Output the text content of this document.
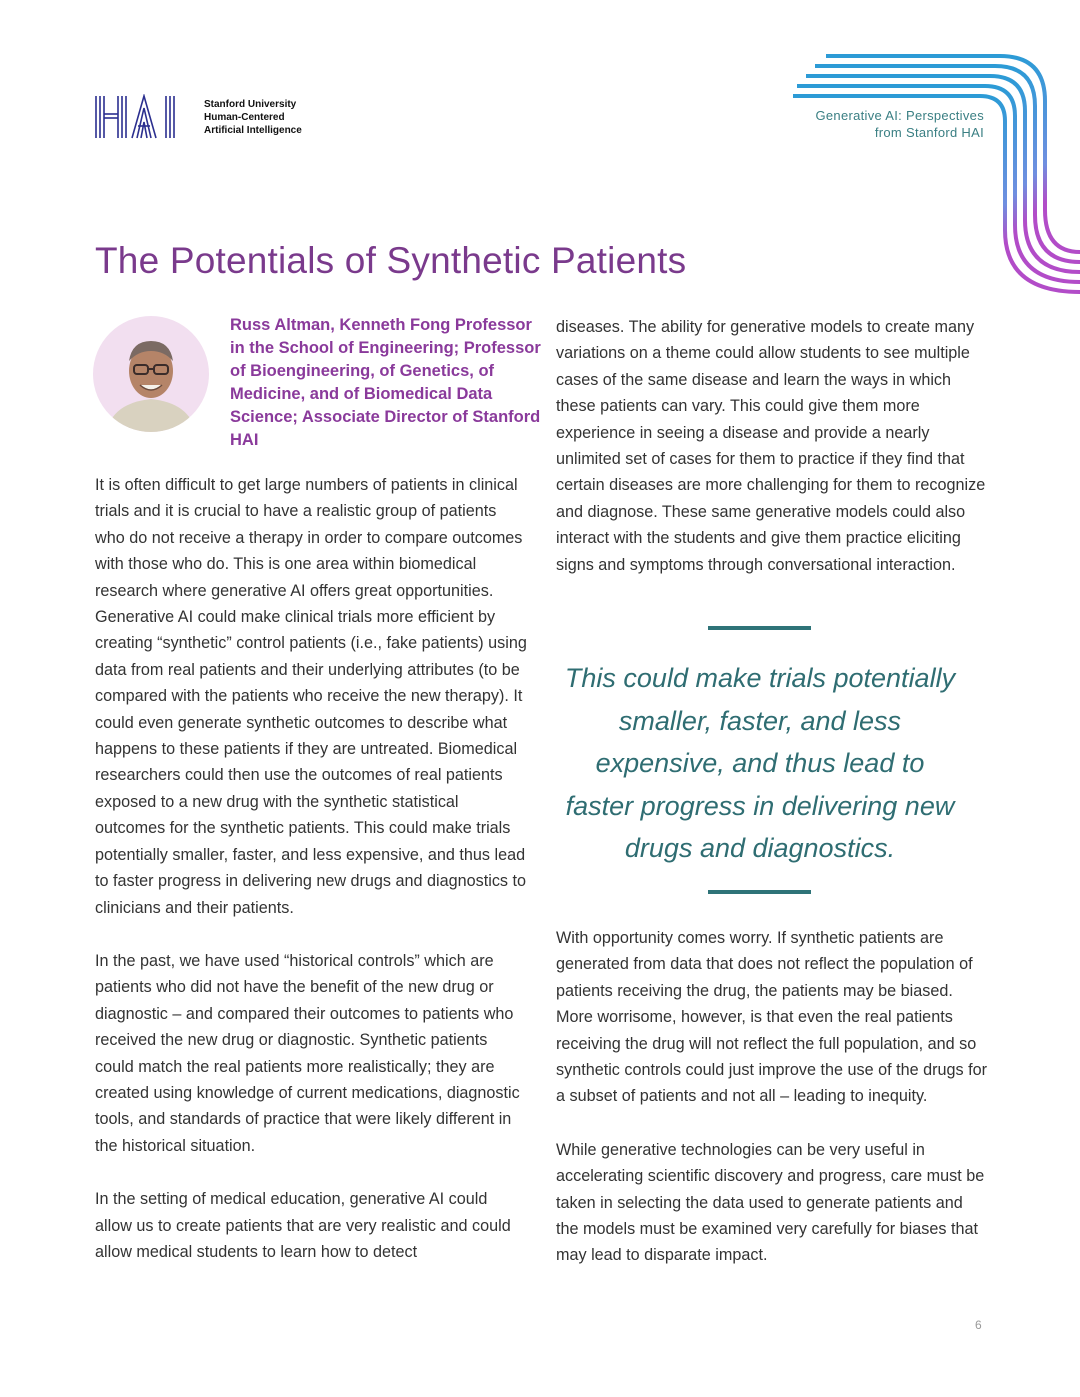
Stanford University
Human-Centered
Artificial Intelligence
Generative AI: Perspectives
from Stanford HAI
The Potentials of Synthetic Patients
Russ Altman, Kenneth Fong Professor in the School of Engineering; Professor of Bioengineering, of Genetics, of Medicine, and of Biomedical Data Science; Associate Director of Stanford HAI

It is often difficult to get large numbers of patients in clinical trials and it is crucial to have a realistic group of patients who do not receive a therapy in order to compare outcomes with those who do. This is one area within biomedical research where generative AI offers great opportunities. Generative AI could make clinical trials more efficient by creating “synthetic” control patients (i.e., fake patients) using data from real patients and their underlying attributes (to be compared with the patients who receive the new therapy). It could even generate synthetic outcomes to describe what happens to these patients if they are untreated. Biomedical researchers could then use the outcomes of real patients exposed to a new drug with the synthetic statistical outcomes for the synthetic patients. This could make trials potentially smaller, faster, and less expensive, and thus lead to faster progress in delivering new drugs and diagnostics to clinicians and their patients.

In the past, we have used “historical controls” which are patients who did not have the benefit of the new drug or diagnostic – and compared their outcomes to patients who received the new drug or diagnostic. Synthetic patients could match the real patients more realistically; they are created using knowledge of current medications, diagnostic tools, and standards of practice that were likely different in the historical situation.

In the setting of medical education, generative AI could allow us to create patients that are very realistic and could allow medical students to learn how to detect

diseases. The ability for generative models to create many variations on a theme could allow students to see multiple cases of the same disease and learn the ways in which these patients can vary. This could give them more experience in seeing a disease and provide a nearly unlimited set of cases for them to practice if they find that certain diseases are more challenging for them to recognize and diagnose. These same generative models could also interact with the students and give them practice eliciting signs and symptoms through conversational interaction.

This could make trials potentially smaller, faster, and less expensive, and thus lead to faster progress in delivering new drugs and diagnostics.

With opportunity comes worry. If synthetic patients are generated from data that does not reflect the population of patients receiving the drug, the patients may be biased. More worrisome, however, is that even the real patients receiving the drug will not reflect the full population, and so synthetic controls could just improve the use of the drugs for a subset of patients and not all – leading to inequity.

While generative technologies can be very useful in accelerating scientific discovery and progress, care must be taken in selecting the data used to generate patients and the models must be examined very carefully for biases that may lead to disparate impact.

6
